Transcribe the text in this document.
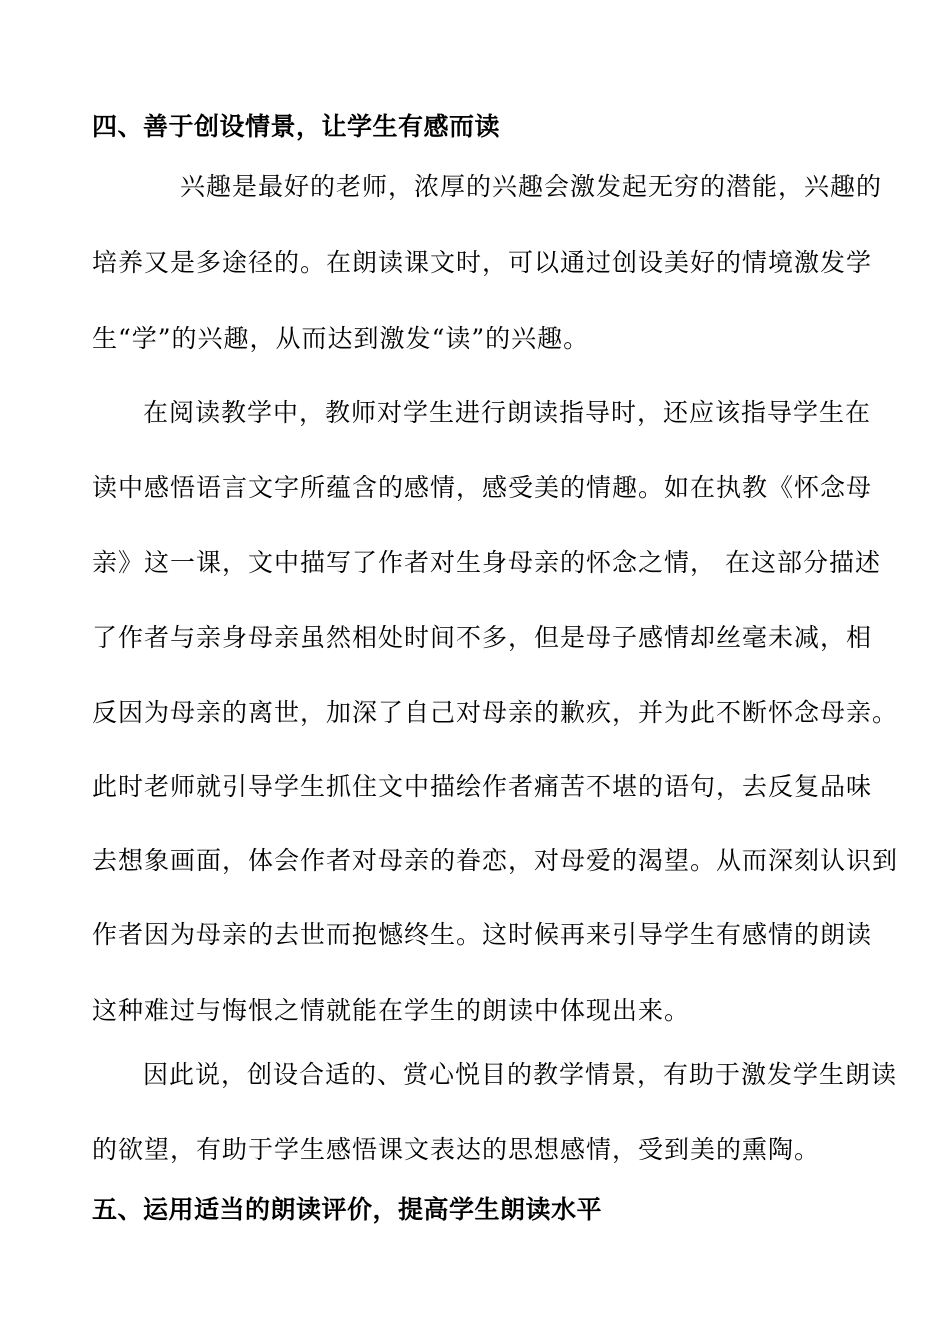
四、善于创设情景，让学生有感而读
兴趣是最好的老师，浓厚的兴趣会激发起无穷的潜能，兴趣的
培养又是多途径的。在朗读课文时，可以通过创设美好的情境激发学
生“学”的兴趣，从而达到激发“读”的兴趣。
在阅读教学中，教师对学生进行朗读指导时，还应该指导学生在
读中感悟语言文字所蕴含的感情，感受美的情趣。如在执教《怀念母
亲》这一课，文中描写了作者对生身母亲的怀念之情， 在这部分描述
了作者与亲身母亲虽然相处时间不多，但是母子感情却丝毫未减，相
反因为母亲的离世，加深了自己对母亲的歉疚，并为此不断怀念母亲。
此时老师就引导学生抓住文中描绘作者痛苦不堪的语句，去反复品味
去想象画面，体会作者对母亲的眷恋，对母爱的渴望。从而深刻认识到
作者因为母亲的去世而抱憾终生。这时候再来引导学生有感情的朗读
这种难过与悔恨之情就能在学生的朗读中体现出来。
因此说，创设合适的、赏心悦目的教学情景，有助于激发学生朗读
的欲望，有助于学生感悟课文表达的思想感情，受到美的熏陶。
五、运用适当的朗读评价，提高学生朗读水平
